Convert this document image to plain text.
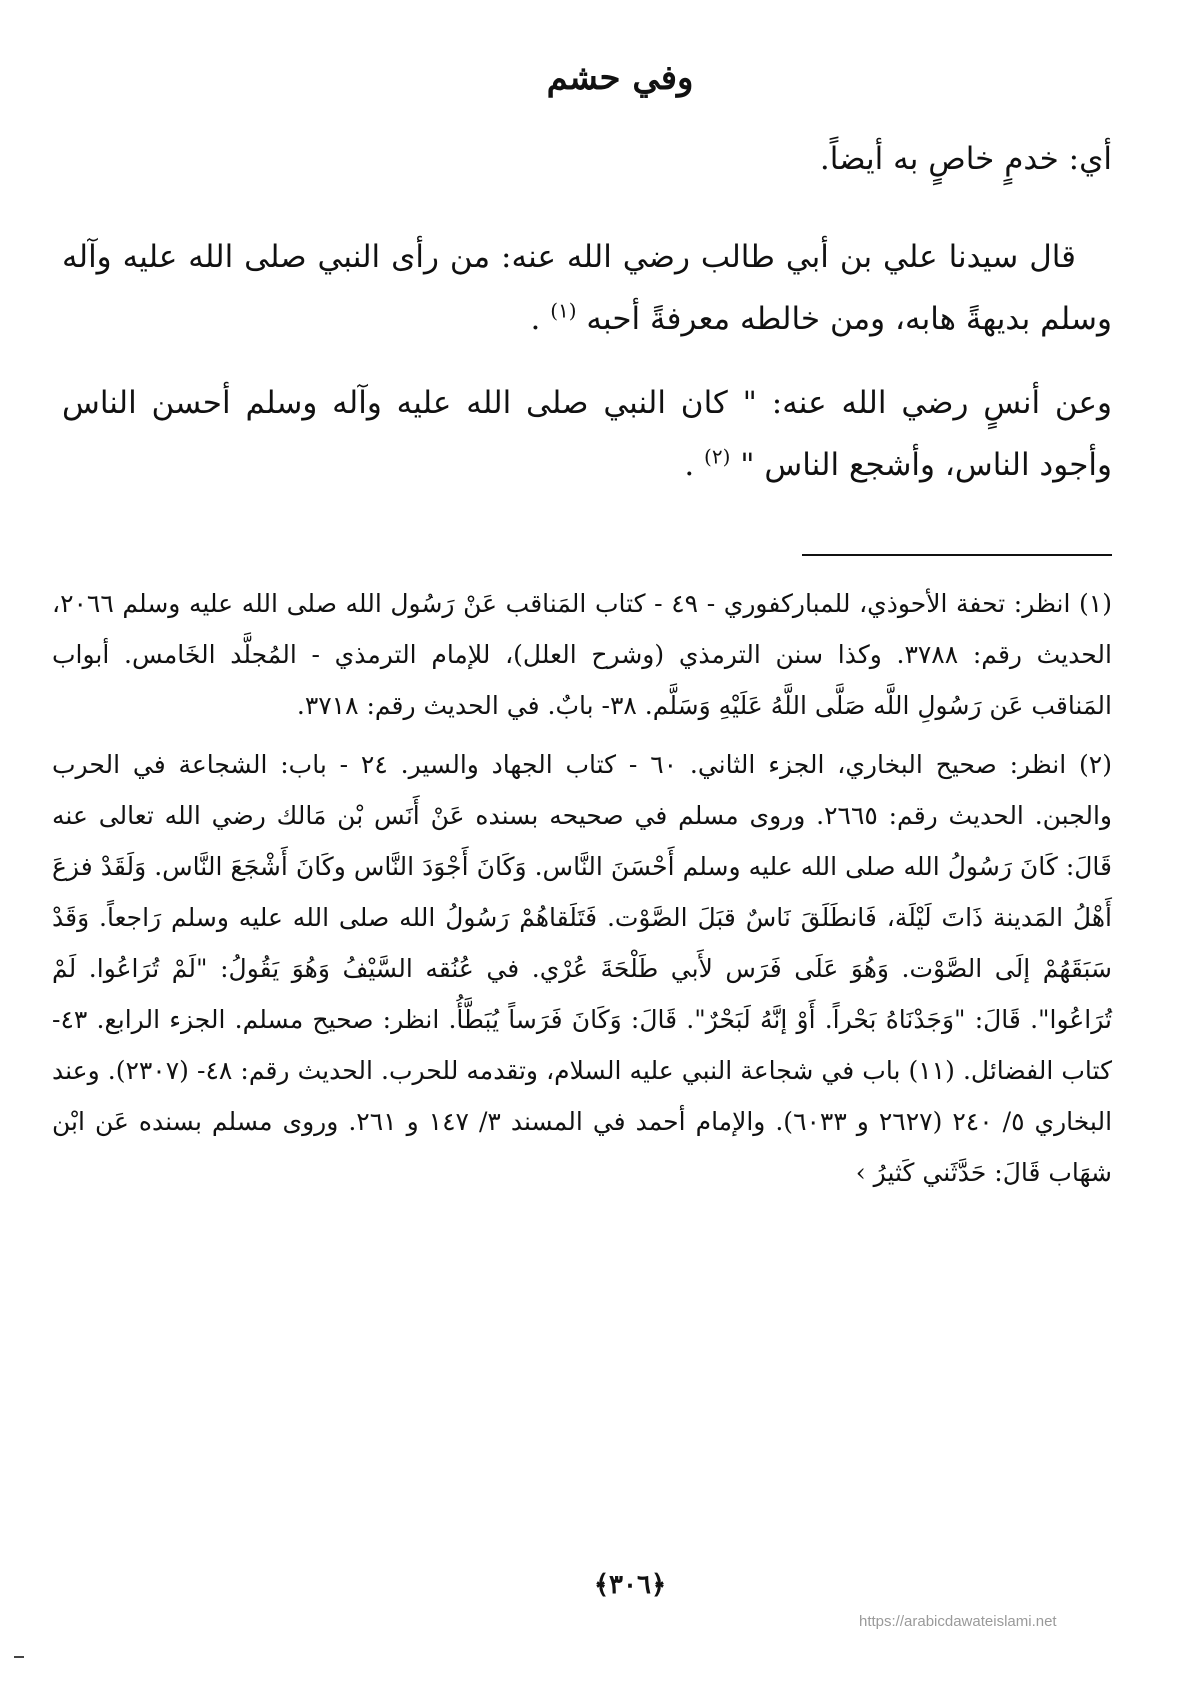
وفي حشم

أي: خدمٍ خاصٍ به أيضاً.

قال سيدنا علي بن أبي طالب رضي الله عنه: من رأى النبي صلى الله عليه وآله وسلم بديهةً هابه، ومن خالطه معرفةً أحبه $^{(١)}$ .

وعن أنسٍ رضي الله عنه: " كان النبي صلى الله عليه وآله وسلم أحسن الناس وأجود الناس، وأشجع الناس " $^{(٢)}$ .

(١) انظر: تحفة الأحوذي، للمباركفوري - ٤٩ - كتاب المَناقب عَنْ رَسُول الله صلى الله عليه وسلم ٢٠٦٦، الحديث رقم: ٣٧٨٨. وكذا سنن الترمذي (وشرح العلل)، للإمام الترمذي - المُجلَّد الخَامس. أبواب المَناقب عَن رَسُولِ اللَّه صَلَّى اللَّهُ عَلَيْهِ وَسَلَّم. ٣٨- بابٌ. في الحديث رقم: ٣٧١٨.

(٢) انظر: صحيح البخاري، الجزء الثاني. ٦٠ - كتاب الجهاد والسير. ٢٤ - باب: الشجاعة في الحرب والجبن. الحديث رقم: ٢٦٦٥. وروى مسلم في صحيحه بسنده عَنْ أَنَس بْن مَالك رضي الله تعالى عنه قَالَ: كَانَ رَسُولُ الله صلى الله عليه وسلم أَحْسَنَ النَّاس. وَكَانَ أَجْوَدَ النَّاس وكَانَ أَشْجَعَ النَّاس. وَلَقَدْ فزعَ أَهْلُ المَدينة ذَاتَ لَيْلَة، فَانطَلَقَ نَاسٌ قبَلَ الصَّوْت. فَتَلَقاهُمْ رَسُولُ الله صلى الله عليه وسلم رَاجعاً. وَقَدْ سَبَقَهُمْ إلَى الصَّوْت. وَهُوَ عَلَى فَرَس لأَبي طَلْحَةَ عُرْي. في عُنُقه السَّيْفُ وَهُوَ يَقُولُ: "لَمْ تُرَاعُوا. لَمْ تُرَاعُوا". قَالَ: "وَجَدْنَاهُ بَحْراً. أَوْ إنَّهُ لَبَحْرٌ". قَالَ: وَكَانَ فَرَساً يُبَطَّأُ. انظر: صحيح مسلم. الجزء الرابع. ٤٣- كتاب الفضائل. (١١) باب في شجاعة النبي عليه السلام، وتقدمه للحرب. الحديث رقم: ٤٨- (٢٣٠٧). وعند البخاري ٥/ ٢٤٠ (٢٦٢٧ و ٦٠٣٣). والإمام أحمد في المسند ٣/ ١٤٧ و ٢٦١. وروى مسلم بسنده عَن ابْن شهَاب قَالَ: حَدَّثَني كَثيرُ ›

﴿٣٠٦﴾
https://arabicdawateislami.net
